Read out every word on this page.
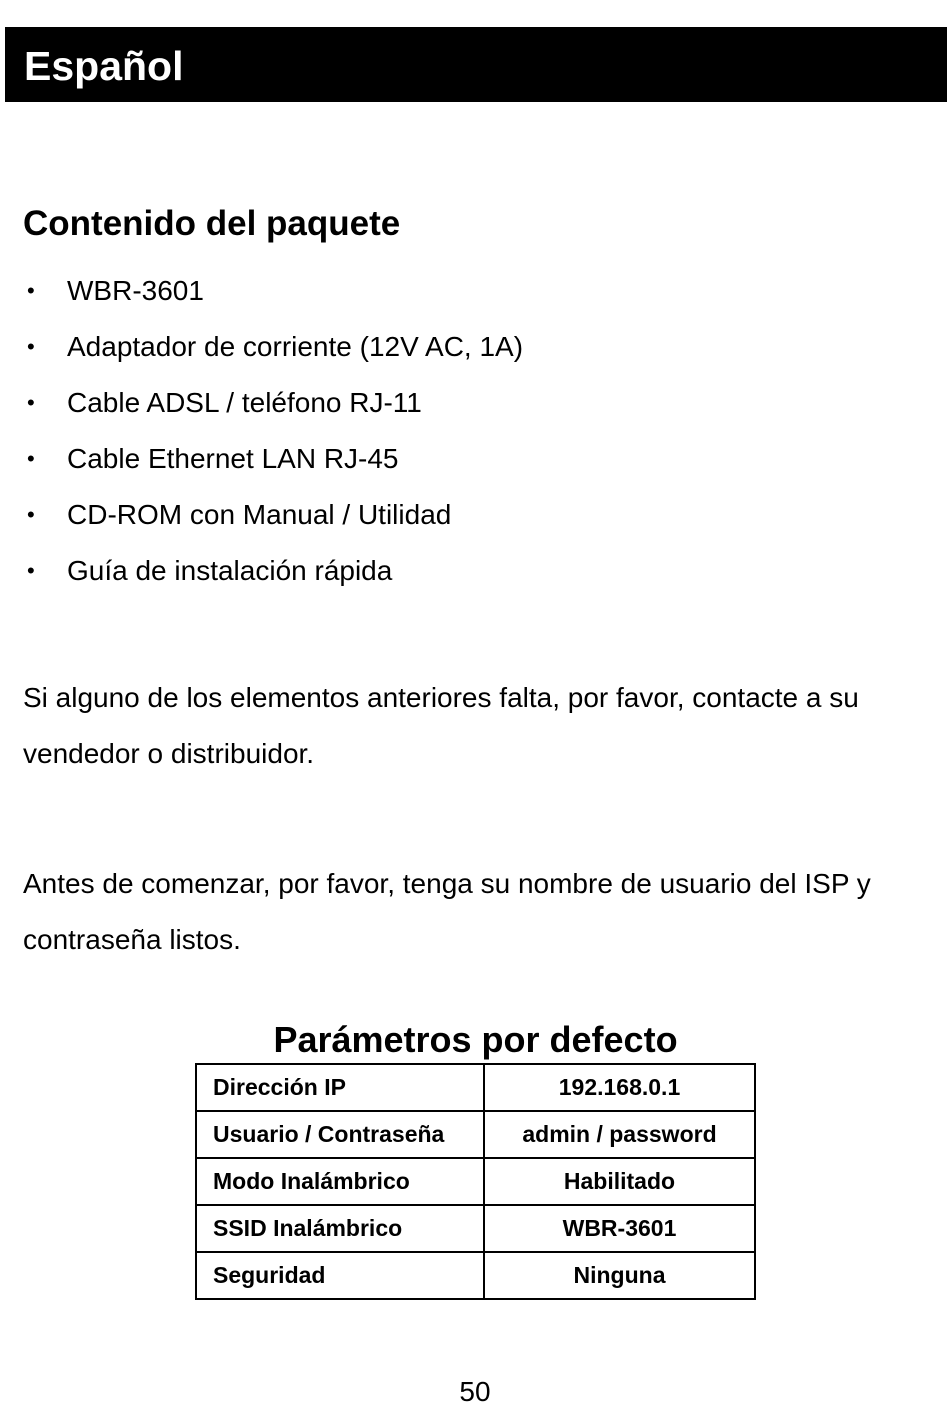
Español
Contenido del paquete
• WBR-3601
• Adaptador de corriente (12V AC, 1A)
• Cable ADSL / teléfono RJ-11
• Cable Ethernet LAN RJ-45
• CD-ROM con Manual / Utilidad
• Guía de instalación rápida

Si alguno de los elementos anteriores falta, por favor, contacte a su vendedor o distribuidor.

Antes de comenzar, por favor, tenga su nombre de usuario del ISP y contraseña listos.

Parámetros por defecto
Dirección IP	192.168.0.1
Usuario / Contraseña	admin / password
Modo Inalámbrico	Habilitado
SSID Inalámbrico	WBR-3601
Seguridad	Ninguna
50
